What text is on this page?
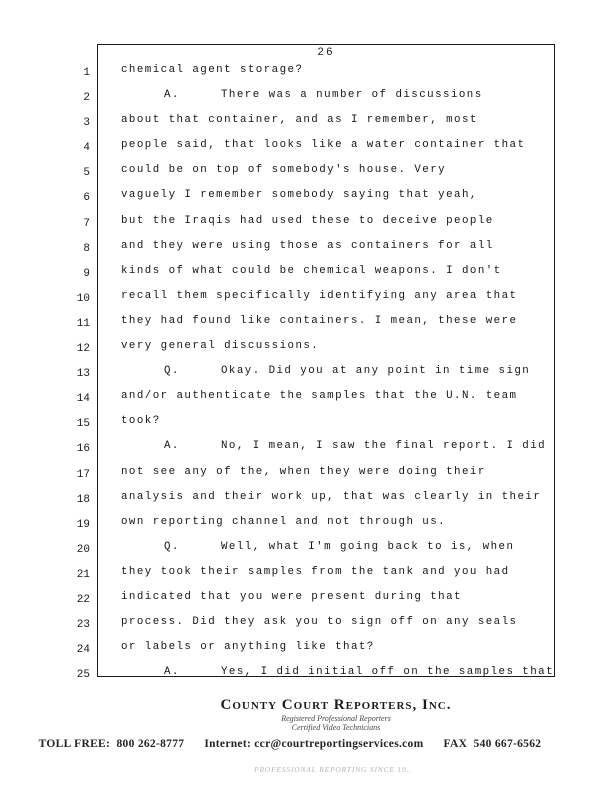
26
1	chemical agent storage?
2	A.	There was a number of discussions
3	about that container, and as I remember, most
4	people said, that looks like a water container that
5	could be on top of somebody's house. Very
6	vaguely I remember somebody saying that yeah,
7	but the Iraqis had used these to deceive people
8	and they were using those as containers for all
9	kinds of what could be chemical weapons. I don't
10	recall them specifically identifying any area that
11	they had found like containers. I mean, these were
12	very general discussions.
13	Q.	Okay. Did you at any point in time sign
14	and/or authenticate the samples that the U.N. team
15	took?
16	A.	No, I mean, I saw the final report. I did
17	not see any of the, when they were doing their
18	analysis and their work up, that was clearly in their
19	own reporting channel and not through us.
20	Q.	Well, what I'm going back to is, when
21	they took their samples from the tank and you had
22	indicated that you were present during that
23	process. Did they ask you to sign off on any seals
24	or labels or anything like that?
25	A.	Yes, I did initial off on the samples that
County Court Reporters, Inc.
Registered Professional Reporters
Certified Video Technicians
TOLL FREE:  800 262-8777 Internet: ccr@courtreportingservices.com FAX  540 667-6562
PROFESSIONAL REPORTING SINCE 19..
